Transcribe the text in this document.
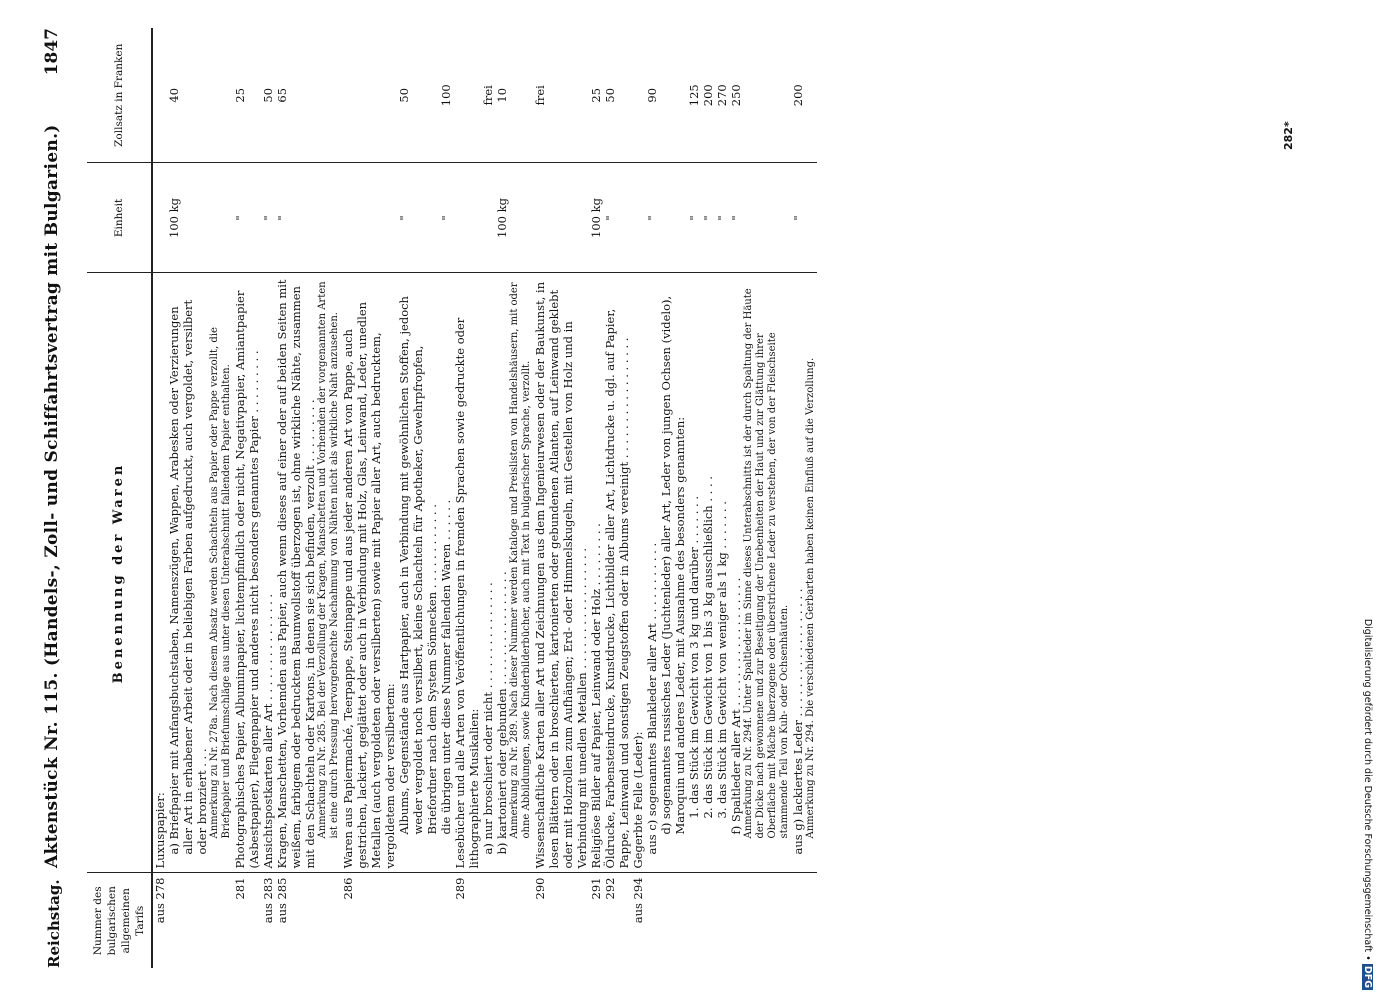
Reichstag.
Aktenstück Nr. 115. (Handels-, Zoll- und Schiffahrtsvertrag mit Bulgarien.)
1847
Nummer des bulgarischen allgemeinen Tarifs	Benennung der Waren	Einheit	Zollsatz in Franken

aus 278	Luxuspapier:		

	a) Briefpapier mit Anfangsbuchstaben, Namenszügen, Wappen, Arabesken oder Verzierungen aller Art in erhabener Arbeit oder in beliebigen Farben aufgedruckt, auch vergoldet, versilbert oder bronziert . . .	100 kg	40

	Anmerkung zu Nr. 278a. Nach diesem Absatz werden Schachteln aus Papier oder Pappe verzollt, die Briefpapier und Briefumschläge aus unter diesen Unterabschnitt fallendem Papier enthalten.		

281	Photographisches Papier, Albuminpapier, lichtempfindlich oder nicht, Negativpapier, Amiantpapier (Asbestpapier), Fliegenpapier und anderes nicht besonders genanntes Papier . . . . . . . . .	"	25

aus 283	Ansichtspostkarten aller Art . . . . . . . . . . . . . . .	"	50

aus 285	Kragen, Manschetten, Vorhemden aus Papier, auch wenn dieses auf einer oder auf beiden Seiten mit weißem, farbigem oder bedrucktem Baumwollstoff überzogen ist, ohne wirkliche Nähte, zusammen mit den Schachteln oder Kartons, in denen sie sich befinden, verzollt . . . . . . . . .	"	65

	Anmerkung zu Nr. 285. Bei der Verzollung der Kragen, Manschetten und Vorhemden der vorgenannten Arten ist eine durch Pressung hervorgebrachte Nachahmung von Nähten nicht als wirkliche Naht anzusehen.		

286	Waren aus Papiermaché, Teerpappe, Steinpappe und aus jeder anderen Art von Pappe, auch gestrichen, lackiert, geglättet oder auch in Verbindung mit Holz, Glas, Leinwand, Leder, unedlen Metallen (auch vergoldeten oder versilberten) sowie mit Papier aller Art, auch bedrucktem, vergoldetem oder versilbertem:		

	Albums, Gegenstände aus Hartpapier, auch in Verbindung mit gewöhnlichen Stoffen, jedoch weder vergoldet noch versilbert, kleine Schachteln für Apotheker, Gewehrpfropfen, Briefordner nach dem System Sönnecken . . . . . . . . . . . .	"	50

	die übrigen unter diese Nummer fallenden Waren . . . . . .	"	100

289	Lesebücher und alle Arten von Veröffentlichungen in fremden Sprachen sowie gedruckte oder lithographierte Musikalien:		

	a) nur broschiert oder nicht . . . . . . . . . . . . . . .		frei

	b) kartoniert oder gebunden . . . . . . . . . . . . . . . .	100 kg	10

	Anmerkung zu Nr. 289. Nach dieser Nummer werden Kataloge und Preislisten von Handelshäusern, mit oder ohne Abbildungen, sowie Kinderbilderbücher, auch mit Text in bulgarischer Sprache, verzollt.		

290	Wissenschaftliche Karten aller Art und Zeichnungen aus dem Ingenieurwesen oder der Baukunst, in losen Blättern oder in broschierten, kartonierten oder gebundenen Atlanten, auf Leinwand geklebt oder mit Holzrollen zum Aufhängen; Erd- oder Himmelskugeln, mit Gestellen von Holz und in Verbindung mit unedlen Metallen . . . . . . . . . . . . . . . . .		frei

291	Religiöse Bilder auf Papier, Leinwand oder Holz . . . . . . . . .	100 kg	25

292	Öldrucke, Farbensteindrucke, Kunstdrucke, Lichtbilder aller Art, Lichtdrucke u. dgl. auf Papier, Pappe, Leinwand und sonstigen Zeugstoffen oder in Albums vereinigt . . . . . . . . . . . . . . . . .	"	50

aus 294	Gegerbte Felle (Leder):		

	aus c) sogenanntes Blankleder aller Art . . . . . . . . . . .	"	90

	d) sogenanntes russisches Leder (Juchtenleder) aller Art, Leder von jungen Ochsen (videlo), Maroquin und anderes Leder, mit Ausnahme des besonders genannten:		

	1. das Stück im Gewicht von 3 kg und darüber . . . . . . .	"	125

	2. das Stück im Gewicht von 1 bis 3 kg ausschließlich . . . .	"	200

	3. das Stück im Gewicht von weniger als 1 kg . . . . . . .	"	270

	f) Spaltleder aller Art . . . . . . . . . . . . . . . . . .	"	250

	Anmerkung zu Nr. 294f. Unter Spaltleder im Sinne dieses Unterabschnitts ist der durch Spaltung der Häute der Dicke nach gewonnene und zur Beseitigung der Unebenheiten der Haut und zur Glättung ihrer Oberfläche mit Mäche überzogene oder überstrichene Leder zu verstehen, der von der Fleischseite stammende Teil von Kuh- oder Ochsenhäuten.		

	aus g) lackiertes Leder . . . . . . . . . . . . . . . . . .	"	200

	Anmerkung zu Nr. 294. Die verschiedenen Gerbarten haben keinen Einfluß auf die Verzollung.		

282*
Digitalisierung gefördert durch die Deutsche Forschungsgemeinschaft • DFG
